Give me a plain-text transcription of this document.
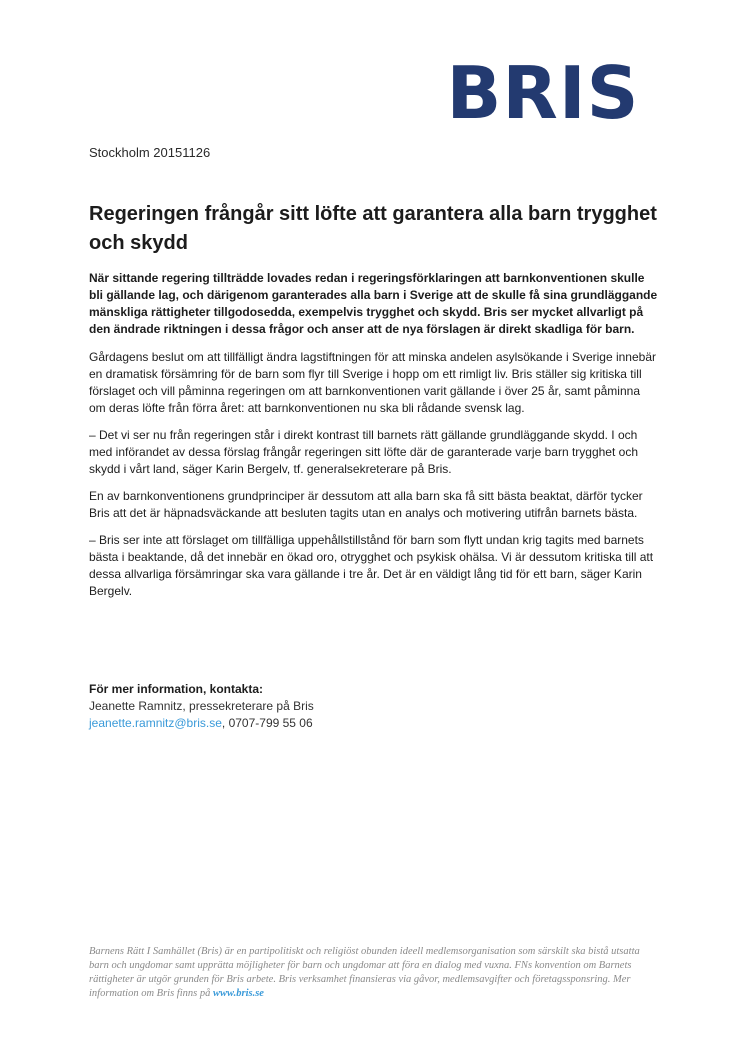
BRIS
Stockholm 20151126
Regeringen frångår sitt löfte att garantera alla barn trygghet och skydd

När sittande regering tillträdde lovades redan i regeringsförklaringen att barnkonventionen skulle bli gällande lag, och därigenom garanterades alla barn i Sverige att de skulle få sina grundläggande mänskliga rättigheter tillgodosedda, exempelvis trygghet och skydd. Bris ser mycket allvarligt på den ändrade riktningen i dessa frågor och anser att de nya förslagen är direkt skadliga för barn.

Gårdagens beslut om att tillfälligt ändra lagstiftningen för att minska andelen asylsökande i Sverige innebär en dramatisk försämring för de barn som flyr till Sverige i hopp om ett rimligt liv. Bris ställer sig kritiska till förslaget och vill påminna regeringen om att barnkonventionen varit gällande i över 25 år, samt påminna om deras löfte från förra året: att barnkonventionen nu ska bli rådande svensk lag.

– Det vi ser nu från regeringen står i direkt kontrast till barnets rätt gällande grundläggande skydd. I och med införandet av dessa förslag frångår regeringen sitt löfte där de garanterade varje barn trygghet och skydd i vårt land, säger Karin Bergelv, tf. generalsekreterare på Bris.

En av barnkonventionens grundprinciper är dessutom att alla barn ska få sitt bästa beaktat, därför tycker Bris att det är häpnadsväckande att besluten tagits utan en analys och motivering utifrån barnets bästa.

– Bris ser inte att förslaget om tillfälliga uppehållstillstånd för barn som flytt undan krig tagits med barnets bästa i beaktande, då det innebär en ökad oro, otrygghet och psykisk ohälsa. Vi är dessutom kritiska till att dessa allvarliga försämringar ska vara gällande i tre år. Det är en väldigt lång tid för ett barn, säger Karin Bergelv.

För mer information, kontakta:
Jeanette Ramnitz, pressekreterare på Bris
jeanette.ramnitz@bris.se, 0707-799 55 06
Barnens Rätt I Samhället (Bris) är en partipolitiskt och religiöst obunden ideell medlemsorganisation som särskilt ska bistå utsatta barn och ungdomar samt upprätta möjligheter för barn och ungdomar att föra en dialog med vuxna. FNs konvention om Barnets rättigheter är utgör grunden för Bris arbete. Bris verksamhet finansieras via gåvor, medlemsavgifter och företagssponsring. Mer information om Bris finns på www.bris.se
